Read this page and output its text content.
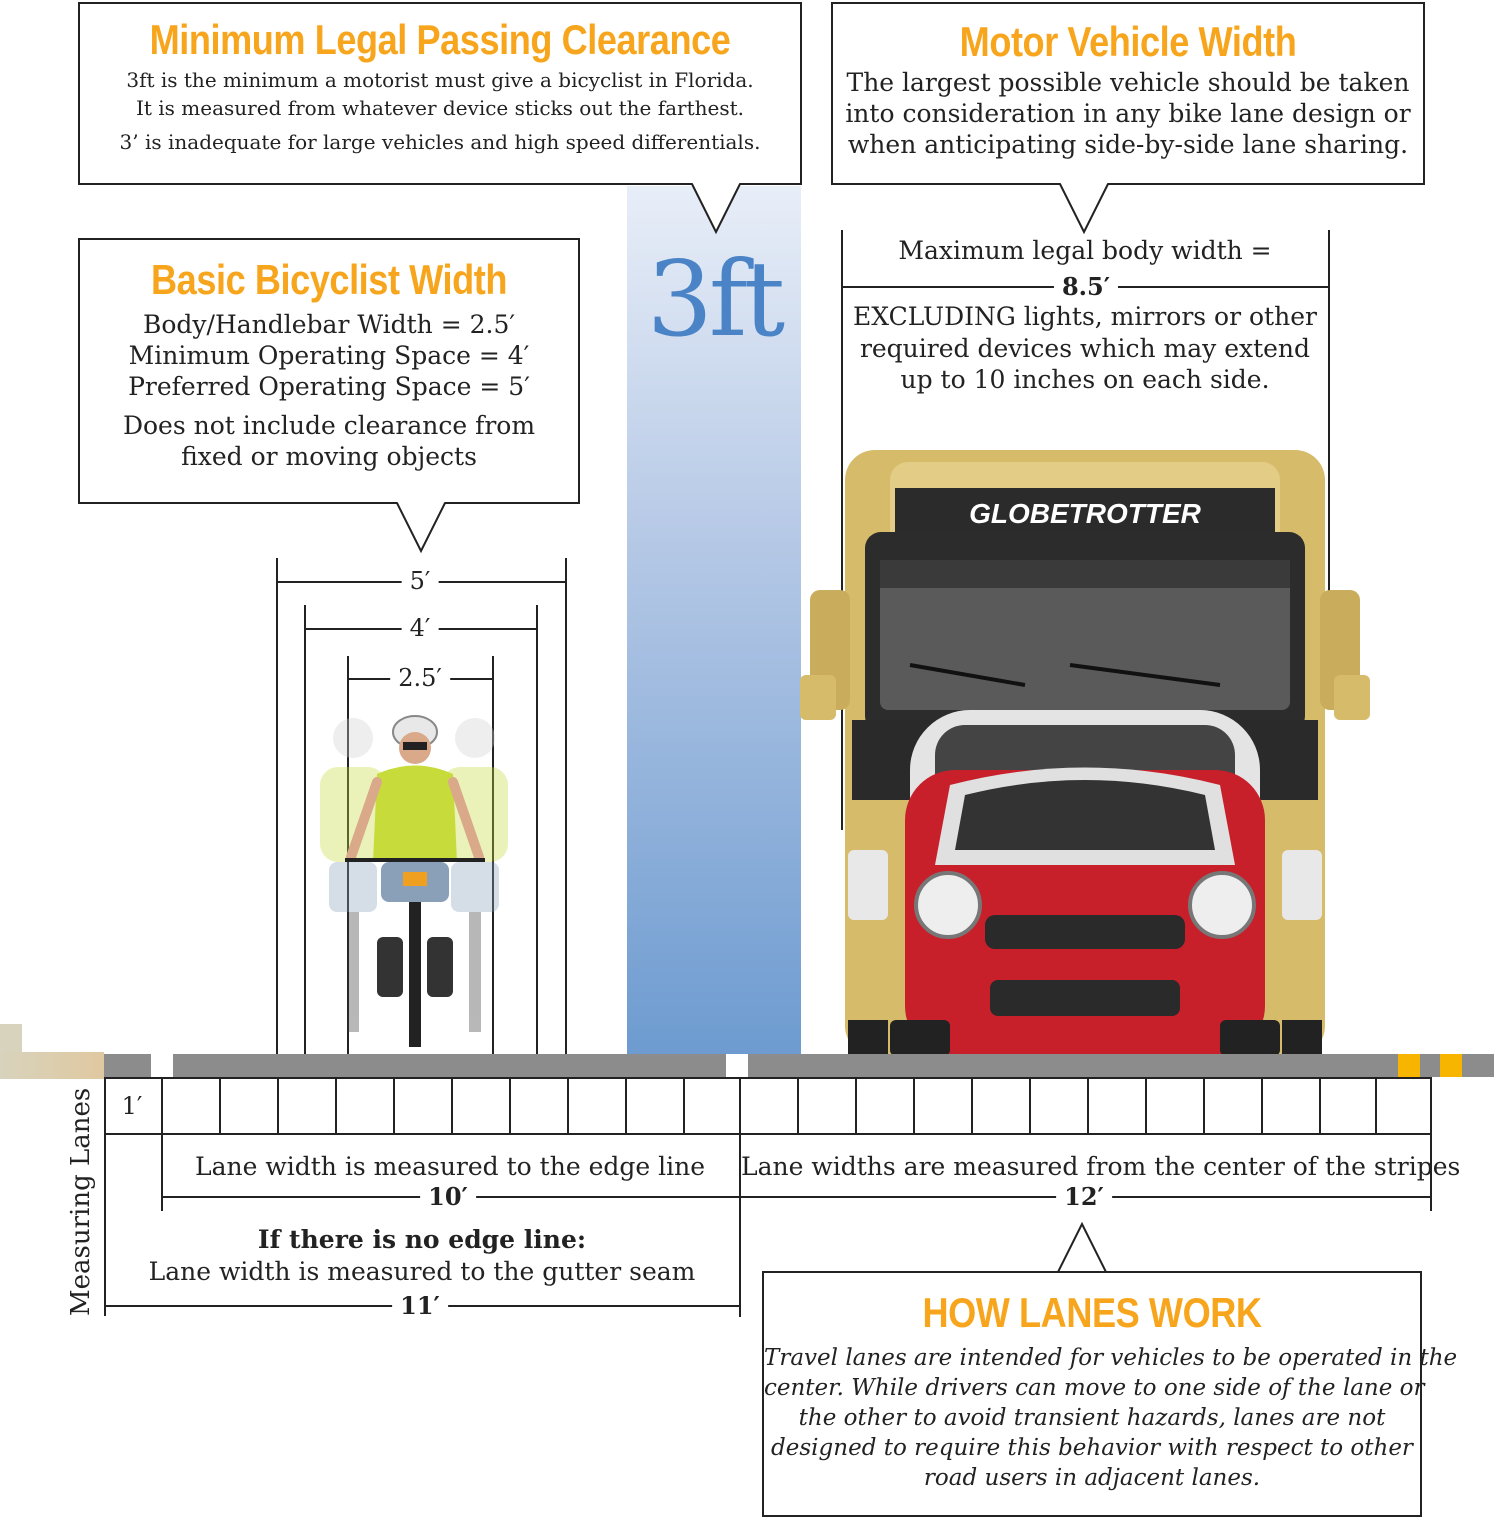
3ft
Minimum Legal Passing Clearance
3ft is the minimum a motorist must give a bicyclist in Florida.
It is measured from whatever device sticks out the farthest.
3’ is inadequate for large vehicles and high speed differentials.
Motor Vehicle Width
The largest possible vehicle should be taken
into consideration in any bike lane design or
when anticipating side-by-side lane sharing.
Maximum legal body width =
8.5′
EXCLUDING lights, mirrors or other
required devices which may extend
up to 10 inches on each side.
GLOBETROTTER
Basic Bicyclist Width
Body/Handlebar Width = 2.5′
Minimum Operating Space = 4′
Preferred Operating Space = 5′
Does not include clearance from
fixed or moving objects
5′
4′
2.5′
Measuring Lanes	1′
Lane width is measured to the edge line
10′
Lane widths are measured from the center of the stripes
12′
If there is no edge line:
Lane width is measured to the gutter seam
11′	HOW LANES WORK
Travel lanes are intended for vehicles to be operated in the
center. While drivers can move to one side of the lane or
the other to avoid transient hazards, lanes are not
designed to require this behavior with respect to other
road users in adjacent lanes.
